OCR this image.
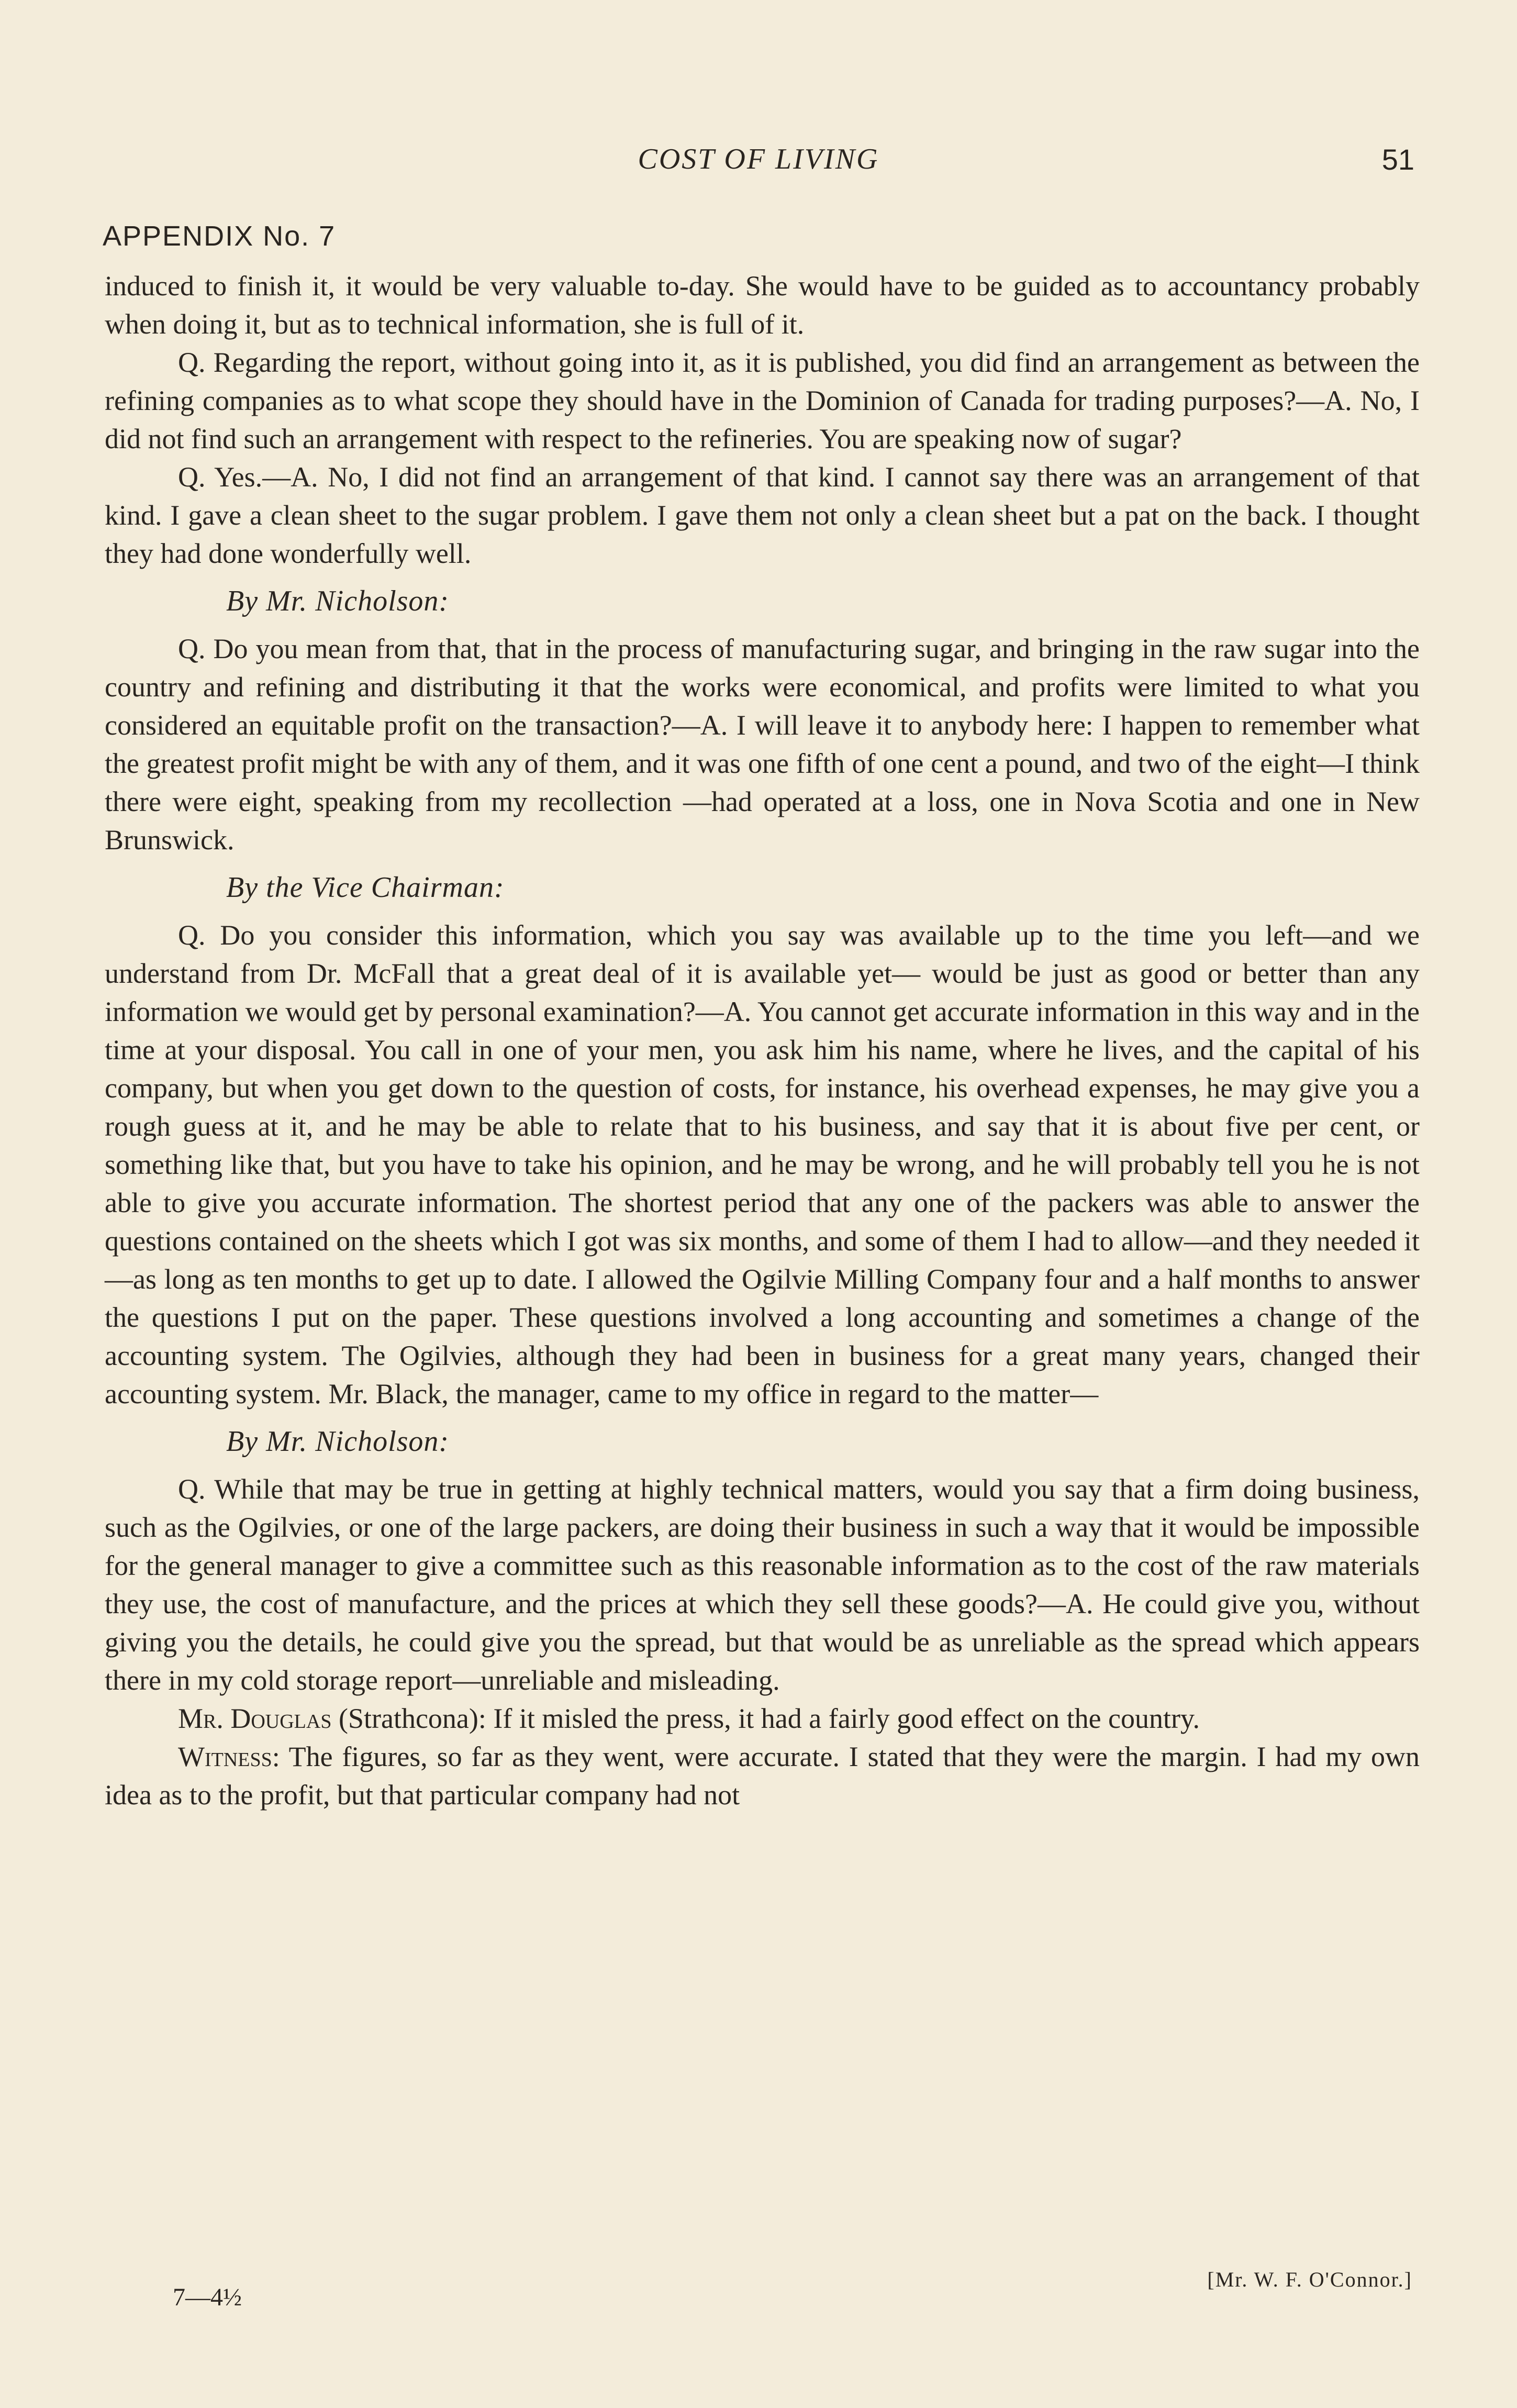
COST OF LIVING	51
APPENDIX No. 7

induced to finish it, it would be very valuable to-day. She would have to be guided as to accountancy probably when doing it, but as to technical information, she is full of it.

Q. Regarding the report, without going into it, as it is published, you did find an arrangement as between the refining companies as to what scope they should have in the Dominion of Canada for trading purposes?—A. No, I did not find such an arrangement with respect to the refineries. You are speaking now of sugar?

Q. Yes.—A. No, I did not find an arrangement of that kind. I cannot say there was an arrangement of that kind. I gave a clean sheet to the sugar problem. I gave them not only a clean sheet but a pat on the back. I thought they had done wonderfully well.

By Mr. Nicholson:

Q. Do you mean from that, that in the process of manufacturing sugar, and bringing in the raw sugar into the country and refining and distributing it that the works were economical, and profits were limited to what you considered an equitable profit on the transaction?—A. I will leave it to anybody here: I happen to remember what the greatest profit might be with any of them, and it was one fifth of one cent a pound, and two of the eight—I think there were eight, speaking from my recollection —had operated at a loss, one in Nova Scotia and one in New Brunswick.

By the Vice Chairman:

Q. Do you consider this information, which you say was available up to the time you left—and we understand from Dr. McFall that a great deal of it is available yet— would be just as good or better than any information we would get by personal examination?—A. You cannot get accurate information in this way and in the time at your disposal. You call in one of your men, you ask him his name, where he lives, and the capital of his company, but when you get down to the question of costs, for instance, his overhead expenses, he may give you a rough guess at it, and he may be able to relate that to his business, and say that it is about five per cent, or something like that, but you have to take his opinion, and he may be wrong, and he will probably tell you he is not able to give you accurate information. The shortest period that any one of the packers was able to answer the questions contained on the sheets which I got was six months, and some of them I had to allow—and they needed it—as long as ten months to get up to date. I allowed the Ogilvie Milling Company four and a half months to answer the questions I put on the paper. These questions involved a long accounting and sometimes a change of the accounting system. The Ogilvies, although they had been in business for a great many years, changed their accounting system. Mr. Black, the manager, came to my office in regard to the matter—

By Mr. Nicholson:

Q. While that may be true in getting at highly technical matters, would you say that a firm doing business, such as the Ogilvies, or one of the large packers, are doing their business in such a way that it would be impossible for the general manager to give a committee such as this reasonable information as to the cost of the raw materials they use, the cost of manufacture, and the prices at which they sell these goods?—A. He could give you, without giving you the details, he could give you the spread, but that would be as unreliable as the spread which appears there in my cold storage report—unreliable and misleading.

Mr. Douglas (Strathcona): If it misled the press, it had a fairly good effect on the country.

Witness: The figures, so far as they went, were accurate. I stated that they were the margin. I had my own idea as to the profit, but that particular company had not

[Mr. W. F. O'Connor.]
7—4½
